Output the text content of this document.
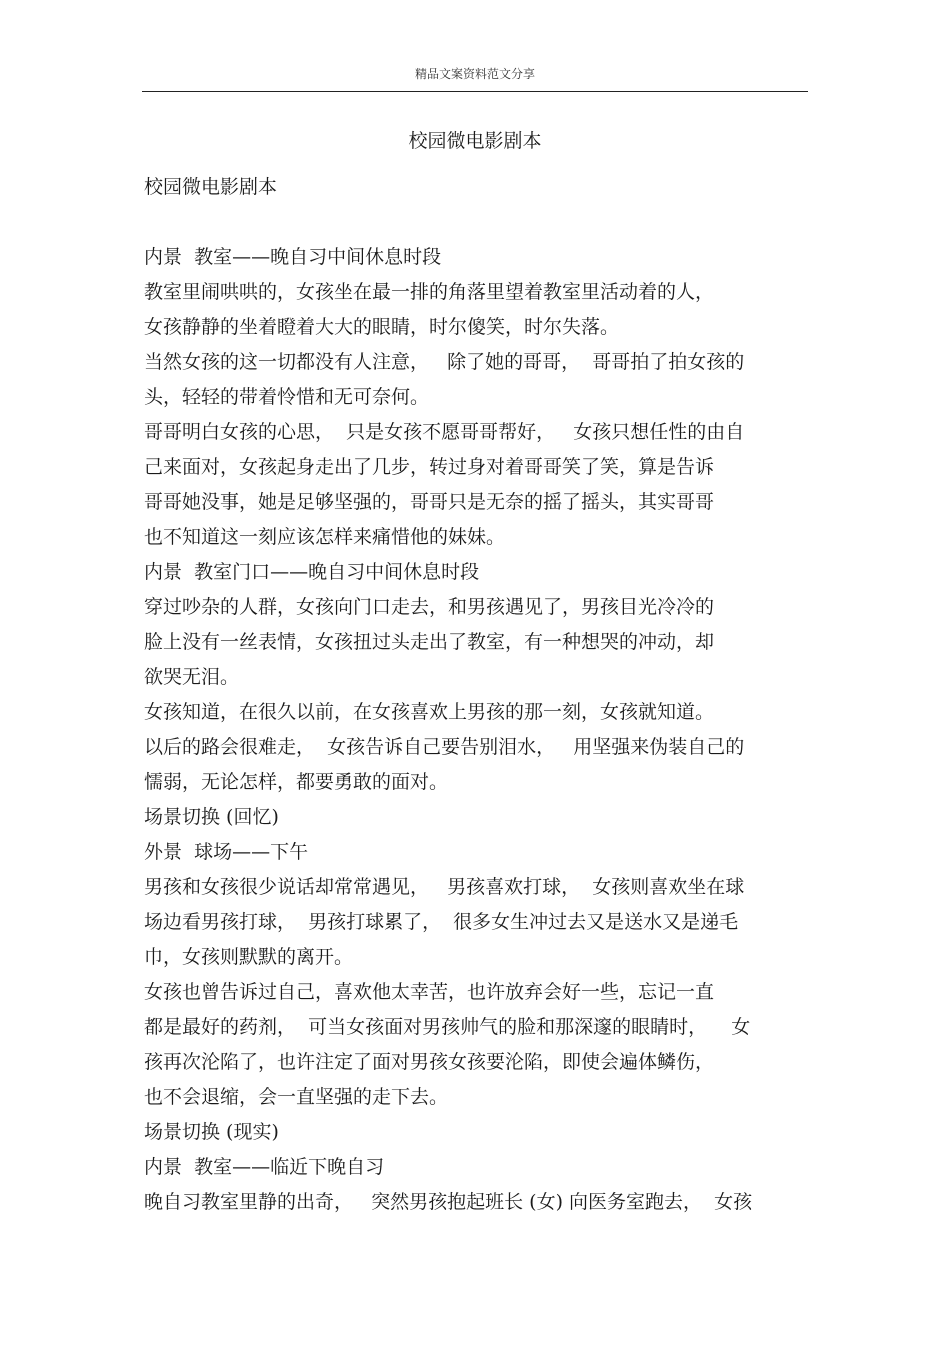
精品文案资料范文分享
校园微电影剧本
校园微电影剧本
内景  教室——晚自习中间休息时段
教室里闹哄哄的，女孩坐在最一排的角落里望着教室里活动着的人，
女孩静静的坐着瞪着大大的眼睛，时尔傻笑，时尔失落。
当然女孩的这一切都没有人注意，   除了她的哥哥，  哥哥拍了拍女孩的
头，轻轻的带着怜惜和无可奈何。
哥哥明白女孩的心思，  只是女孩不愿哥哥帮好，   女孩只想任性的由自
己来面对，女孩起身走出了几步，转过身对着哥哥笑了笑，算是告诉
哥哥她没事，她是足够坚强的，哥哥只是无奈的摇了摇头，其实哥哥
也不知道这一刻应该怎样来痛惜他的妹妹。
内景  教室门口——晚自习中间休息时段
穿过吵杂的人群，女孩向门口走去，和男孩遇见了，男孩目光冷冷的
脸上没有一丝表情，女孩扭过头走出了教室，有一种想哭的冲动，却
欲哭无泪。
女孩知道，在很久以前，在女孩喜欢上男孩的那一刻，女孩就知道。
以后的路会很难走，  女孩告诉自己要告别泪水，   用坚强来伪装自己的
懦弱，无论怎样，都要勇敢的面对。
场景切换 (回忆)
外景  球场——下午
男孩和女孩很少说话却常常遇见，   男孩喜欢打球，  女孩则喜欢坐在球
场边看男孩打球，  男孩打球累了，  很多女生冲过去又是送水又是递毛
巾，女孩则默默的离开。
女孩也曾告诉过自己，喜欢他太幸苦，也许放弃会好一些，忘记一直
都是最好的药剂，  可当女孩面对男孩帅气的脸和那深邃的眼睛时，    女
孩再次沦陷了，也许注定了面对男孩女孩要沦陷，即使会遍体鳞伤，
也不会退缩，会一直坚强的走下去。
场景切换 (现实)
内景  教室——临近下晚自习
晚自习教室里静的出奇，   突然男孩抱起班长 (女) 向医务室跑去，  女孩
